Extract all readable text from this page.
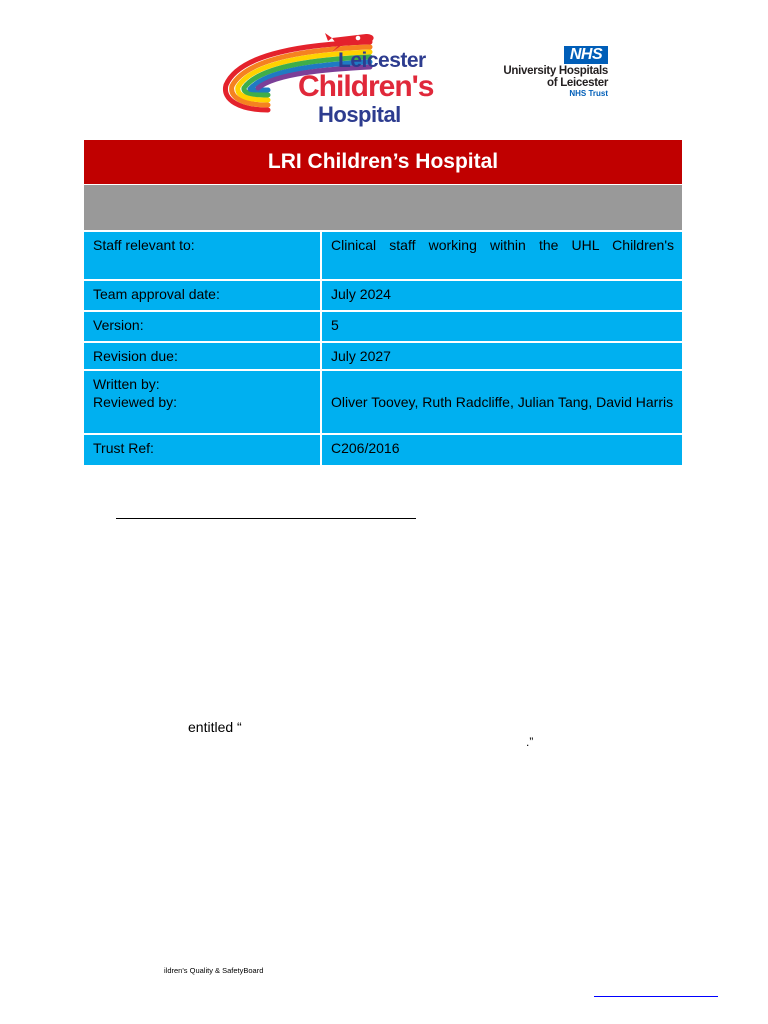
Leicester
Children's
Hospital
NHS
University Hospitals
of Leicester
NHS Trust
LRI Children’s Hospital	

Staff relevant to:	Clinical staff working within the UHL Children's
Team approval date:	July 2024
Version:	5
Revision due:	July 2027

Written by:
Reviewed by:	Oliver Toovey, Ruth Radcliffe, Julian Tang, David Harris

Trust Ref:	C206/2016
entitled “
.”
ildren's Quality & SafetyBoard
